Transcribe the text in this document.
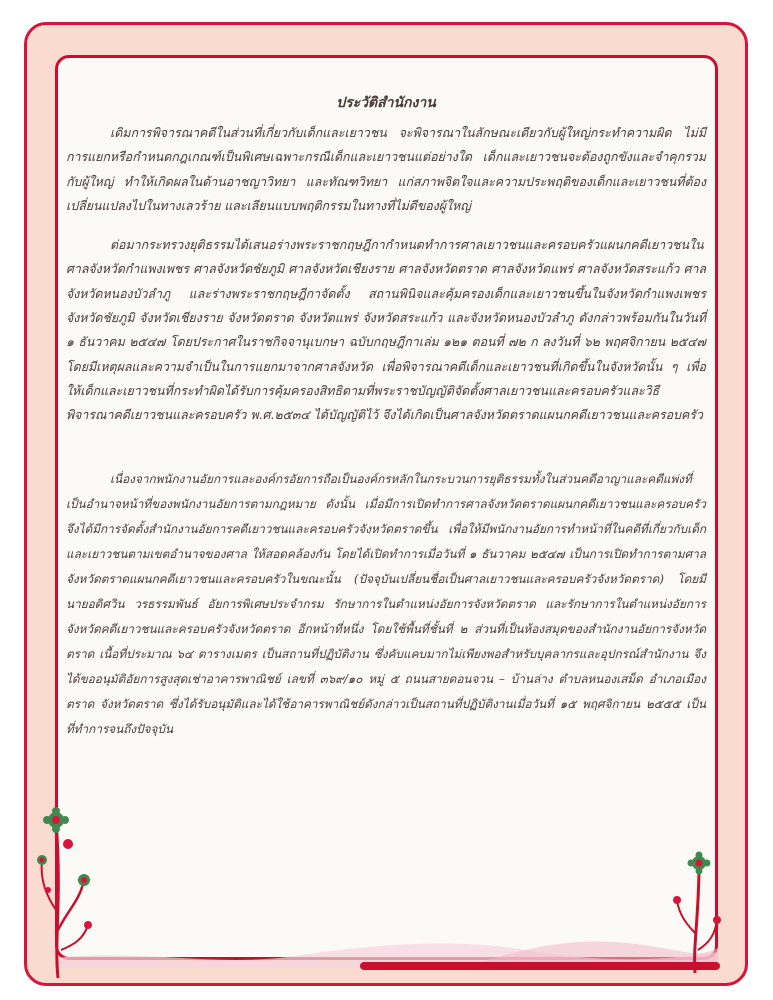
ประวัติสำนักงาน

เดิมการพิจารณาคดีในส่วนที่เกี่ยวกับเด็กและเยาวชน จะพิจารณาในลักษณะเดียวกับผู้ใหญ่กระทำความผิด ไม่มีการแยกหรือกำหนดกฎเกณฑ์เป็นพิเศษเฉพาะกรณีเด็กและเยาวชนแต่อย่างใด เด็กและเยาวชนจะต้องถูกขังและจำคุกรวมกับผู้ใหญ่ ทำให้เกิดผลในด้านอาชญาวิทยา และทัณฑวิทยา แก่สภาพจิตใจและความประพฤติของเด็กและเยาวชนที่ต้องเปลี่ยนแปลงไปในทางเลวร้าย และเลียนแบบพฤติกรรมในทางที่ไม่ดีของผู้ใหญ่

ต่อมากระทรวงยุติธรรมได้เสนอร่างพระราชกฤษฎีกากำหนดทำการศาลเยาวชนและครอบครัวแผนกคดีเยาวชนในศาลจังหวัดกำแพงเพชร ศาลจังหวัดชัยภูมิ ศาลจังหวัดเชียงราย ศาลจังหวัดตราด ศาลจังหวัดแพร่ ศาลจังหวัดสระแก้ว ศาลจังหวัดหนองบัวลำภู และร่างพระราชกฤษฎีกาจัดตั้ง สถานพินิจและคุ้มครองเด็กและเยาวชนขึ้นในจังหวัดกำแพงเพชร จังหวัดชัยภูมิ จังหวัดเชียงราย จังหวัดตราด จังหวัดแพร่ จังหวัดสระแก้ว และจังหวัดหนองบัวลำภู ดังกล่าวพร้อมกันในวันที่ ๑ ธันวาคม ๒๕๔๗ โดยประกาศในราชกิจจานุเบกษา ฉบับกฤษฎีกาเล่ม ๑๒๑ ตอนที่ ๗๒ ก ลงวันที่ ๖๒ พฤศจิกายน ๒๕๔๗ โดยมีเหตุผลและความจำเป็นในการแยกมาจากศาลจังหวัด เพื่อพิจารณาคดีเด็กและเยาวชนที่เกิดขึ้นในจังหวัดนั้น ๆ เพื่อให้เด็กและเยาวชนที่กระทำผิดได้รับการคุ้มครองสิทธิตามที่พระราชบัญญัติจัดตั้งศาลเยาวชนและครอบครัวและวิธีพิจารณาคดีเยาวชนและครอบครัว พ.ศ.๒๕๓๔ ได้บัญญัติไว้ จึงได้เกิดเป็นศาลจังหวัดตราดแผนกคดีเยาวชนและครอบครัว

เนื่องจากพนักงานอัยการและองค์กรอัยการถือเป็นองค์กรหลักในกระบวนการยุติธรรมทั้งในส่วนคดีอาญาและคดีแพ่งที่เป็นอำนาจหน้าที่ของพนักงานอัยการตามกฎหมาย ดังนั้น เมื่อมีการเปิดทำการศาลจังหวัดตราดแผนกคดีเยาวชนและครอบครัว จึงได้มีการจัดตั้งสำนักงานอัยการคดีเยาวชนและครอบครัวจังหวัดตราดขึ้น เพื่อให้มีพนักงานอัยการทำหน้าที่ในคดีที่เกี่ยวกับเด็กและเยาวชนตามเขตอำนาจของศาล ให้สอดคล้องกัน โดยได้เปิดทำการเมื่อวันที่ ๑ ธันวาคม ๒๕๔๗ เป็นการเปิดทำการตามศาลจังหวัดตราดแผนกคดีเยาวชนและครอบครัวในขณะนั้น (ปัจจุบันเปลี่ยนชื่อเป็นศาลเยาวชนและครอบครัวจังหวัดตราด) โดยมีนายอดิศวิน วรธรรมพันธ์ อัยการพิเศษประจำกรม รักษาการในตำแหน่งอัยการจังหวัดตราด และรักษาการในตำแหน่งอัยการจังหวัดคดีเยาวชนและครอบครัวจังหวัดตราด อีกหน้าที่หนึ่ง โดยใช้พื้นที่ชั้นที่ ๒ ส่วนที่เป็นห้องสมุดของสำนักงานอัยการจังหวัดตราด เนื้อที่ประมาณ ๖๔ ตารางเมตร เป็นสถานที่ปฏิบัติงาน ซึ่งคับแคบมากไม่เพียงพอสำหรับบุคลากรและอุปกรณ์สำนักงาน จึงได้ขออนุมัติอัยการสูงสุดเช่าอาคารพาณิชย์ เลขที่ ๓๖๙/๑๐ หมู่ ๕ ถนนสายดอนจวน – บ้านล่าง ตำบลหนองเสม็ด อำเภอเมืองตราด จังหวัดตราด ซึ่งได้รับอนุมัติและได้ใช้อาคารพาณิชย์ดังกล่าวเป็นสถานที่ปฏิบัติงานเมื่อวันที่ ๑๕ พฤศจิกายน ๒๕๕๕ เป็นที่ทำการจนถึงปัจจุบัน
